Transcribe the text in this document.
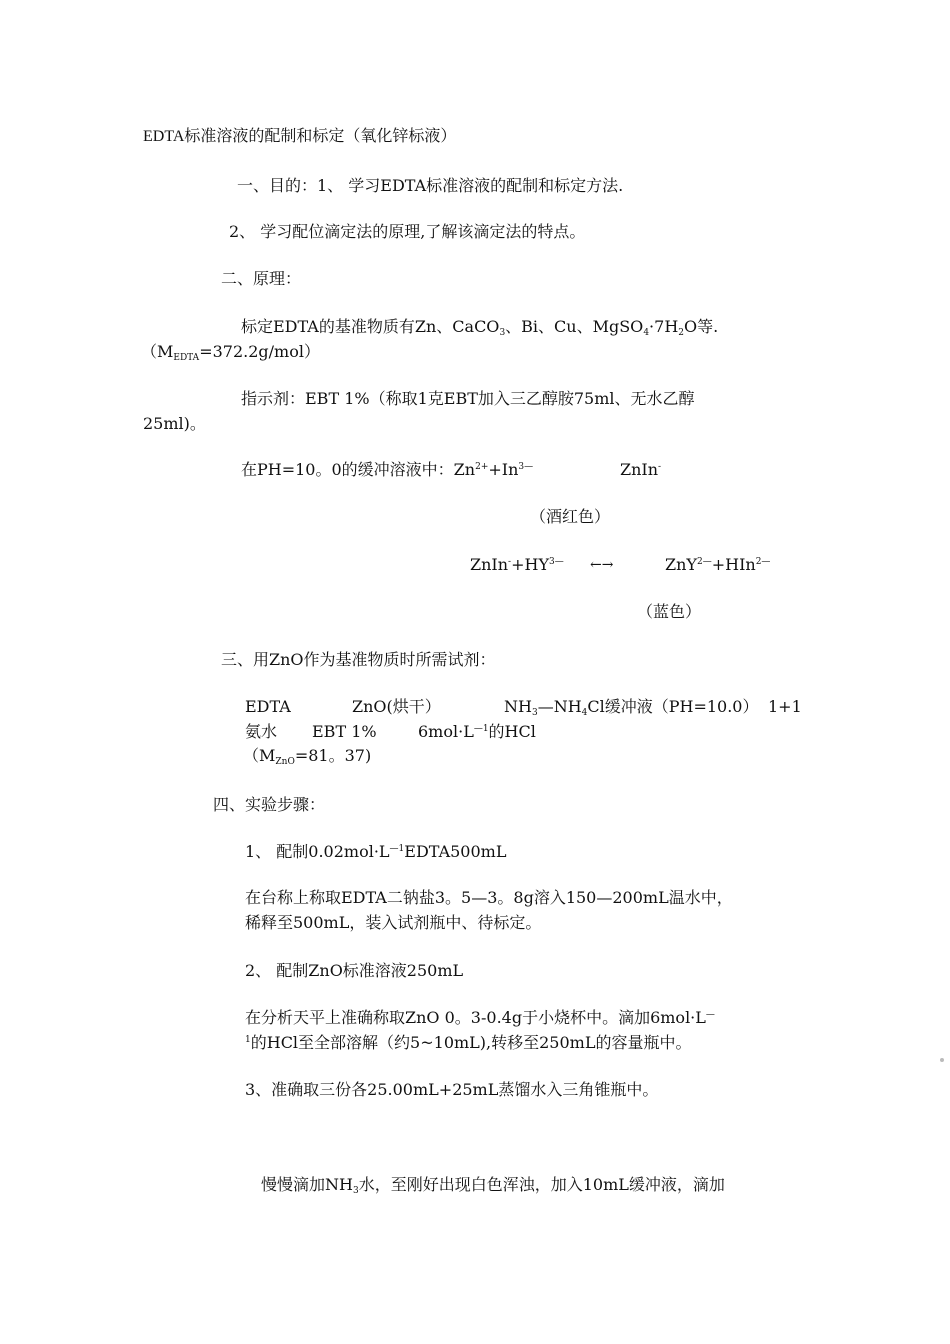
EDTA标准溶液的配制和标定（氧化锌标液）
一、目的：1、 学习EDTA标准溶液的配制和标定方法.
2、 学习配位滴定法的原理,了解该滴定法的特点。
二、原理：
标定EDTA的基准物质有Zn、CaCO$_3$、Bi、Cu、$MgSO_4\cdot 7H_2O$等.
$(M_{EDTA}=372.2g/mol)$
指示剂：EBT 1%（称取1克EBT加入三乙醇胺75ml、无水乙醇
25ml)。
在PH=10。0的缓冲溶液中：$Zn^{2+}+In^{3—}$	ZnIn-
（酒红色）
$ZnIn^-+HY^{3—}$ ←→	ZnY$^{2—}$+HIn$^{2—}$
（蓝色）
三、用ZnO作为基准物质时所需试剂：
EDTA	ZnO(烘干）	$NH_3—NH_4Cl$缓冲液（PH=10.0） 1+1
氨水 EBT 1%	$6mol\cdot L^{—1}$的HCl
（$M_{ZnO}=81$。37)
四、实验步骤：
1、 配制$0.02mol\cdot L^{—1}EDTA500mL$
在台称上称取EDTA二钠盐3。5—3。8g溶入150—200mL温水中，
稀释至500mL，装入试剂瓶中、待标定。
2、 配制ZnO标准溶液250mL
在分析天平上准确称取ZnO 0。3-0.4g于小烧杯中。滴加6mol·L—
$^1$的HCl至全部溶解（约5~10mL),转移至250mL的容量瓶中。
3、准确取三份各25.00mL+25mL蒸馏水入三角锥瓶中。
慢慢滴加$NH_3$水，至刚好出现白色浑浊，加入10mL缓冲液，滴加
